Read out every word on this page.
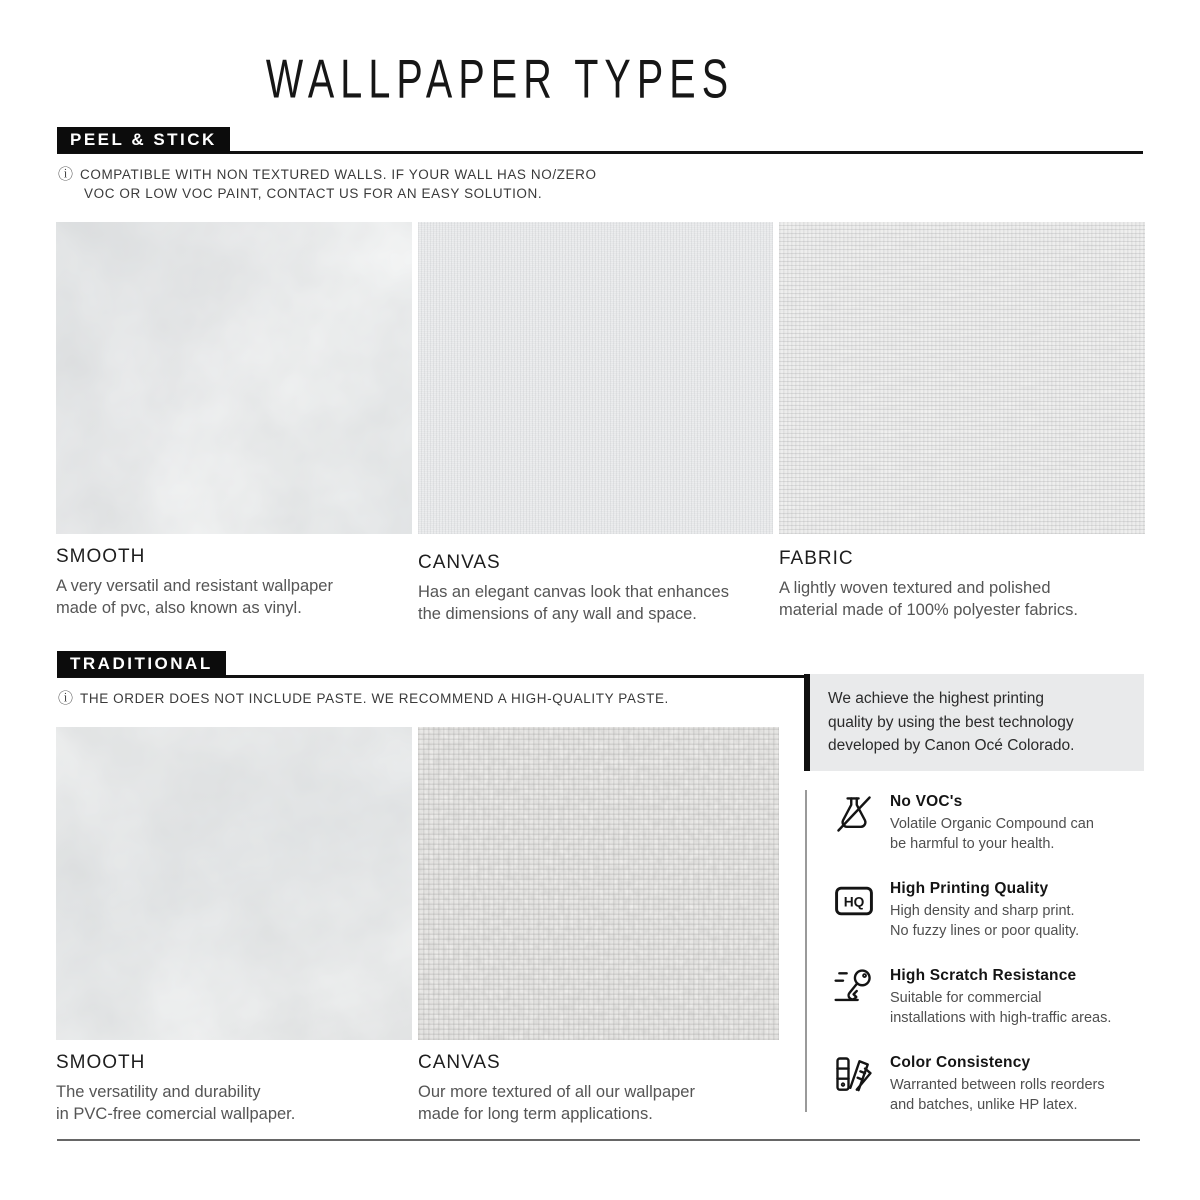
WALLPAPER TYPES
PEEL & STICK
ⓘ COMPATIBLE WITH NON TEXTURED WALLS. IF YOUR WALL HAS NO/ZERO
VOC OR LOW VOC PAINT, CONTACT US FOR AN EASY SOLUTION.
SMOOTH
A very versatil and resistant wallpaper
made of pvc, also known as vinyl.
CANVAS
Has an elegant canvas look that enhances
the dimensions of any wall and space.
FABRIC
A lightly woven textured and polished
material made of 100% polyester fabrics.
TRADITIONAL
ⓘ THE ORDER DOES NOT INCLUDE PASTE. WE RECOMMEND A HIGH-QUALITY PASTE.
SMOOTH
The versatility and durability
in PVC-free comercial wallpaper.
CANVAS
Our more textured of all our wallpaper
made for long term applications.
We achieve the highest printing
quality by using the best technology
developed by Canon Océ Colorado.
No VOC's
Volatile Organic Compound can
be harmful to your health.
HQ
High Printing Quality
High density and sharp print.
No fuzzy lines or poor quality.
High Scratch Resistance
Suitable for commercial
installations with high-traffic areas.
Color Consistency
Warranted between rolls reorders
and batches, unlike HP latex.
